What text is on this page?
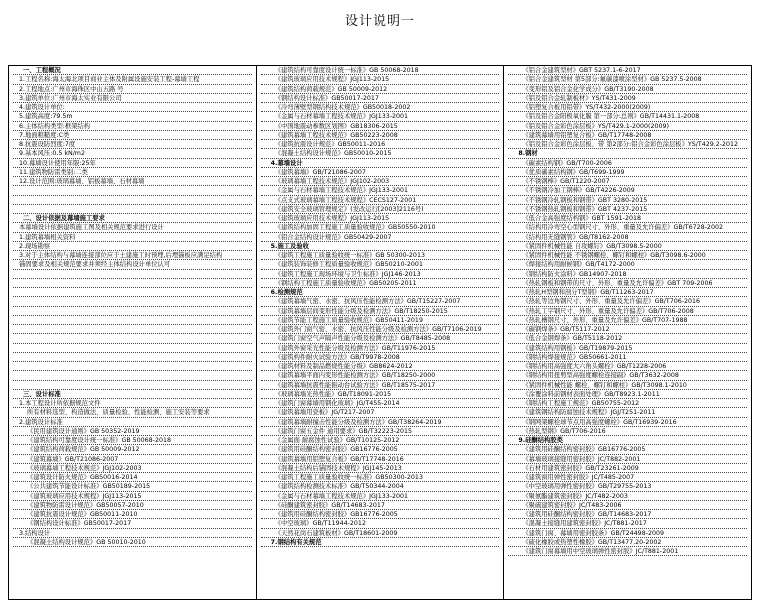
设计说明一
一、工程概况
1.工程名称:海太海北项目商业主体及附属设施安装工程-幕墙工程
2.工程地点:广州市海珠区中山五路 号
3.建筑单位:广州市海太实业有限公司
4.建筑设计单位:
5.建筑高度:79.5m
6.主体结构类型:框架结构
7.地面粗糙度:C类
8.抗震设防烈度:7度
9.基本风压:0.5 kN/m2
10.幕墙设计使用年限:25年
11.建筑物防雷类别:二类
12.设计范围:玻璃幕墙、铝板幕墙、石材幕墙
二、设计依据及幕墙施工要求
本幕墙设计依据建筑施工图及相关规范要求进行设计
1.建筑幕墙相关资料
2.现场勘察
3.对于主体结构与幕墙连接部位应于土建施工时预埋,后埋锚板应满足结构
锚固要求及相关规范要求并须经主体结构设计单位认可
三、设计标准
1.本工程设计所依据规范文件
所有材料选型、构造做法、质量检验、性能检测、施工安装等要求
2.建筑设计标准
《民用建筑设计通则》GB 50352-2019
《建筑结构可靠度设计统一标准》GB 50068-2018
《建筑结构荷载规范》GB 50009-2012
《建筑幕墙》GB/T21086-2007
《玻璃幕墙工程技术规范》JGJ102-2003
《建筑设计防火规范》GB50016-2014
《公共建筑节能设计标准》GB50189-2015
《建筑玻璃应用技术规程》JGJ113-2015
《建筑物防雷设计规范》GB50057-2010
《建筑抗震设计规范》GB50011-2010
《钢结构设计标准》GB50017-2017
3.结构设计
《混凝土结构设计规范》GB 50010-2010
《建筑结构可靠度设计统一标准》GB 50068-2018
《建筑玻璃应用技术规程》JGJ113-2015
《建筑结构荷载规范》GB 50009-2012
《钢结构设计标准》GB50017-2017
《冷弯薄壁型钢结构技术规范》GB50018-2002
《金属与石材幕墙工程技术规范》JGJ133-2001
《中国地震动参数区划图》GB18306-2015
《建筑幕墙工程技术规范》GB50223-2008
《建筑抗震设计规范》GB50011-2016
《混凝土结构设计规范》GB50010-2015
4.幕墙设计
《建筑幕墙》GB/T21086-2007
《玻璃幕墙工程技术规范》JGJ102-2003
《金属与石材幕墙工程技术规范》JGJ133-2001
《点支式玻璃幕墙工程技术规程》CECS127-2001
《建筑安全玻璃管理规定》(发改运行[2003]2116号)
《建筑玻璃应用技术规程》JGJ113-2015
《建筑结构加固工程施工质量验收规范》GB50550-2010
《铝合金结构设计规范》GB50429-2007
5.施工及验收
《建筑工程施工质量验收统一标准》GB 50300-2013
《建筑装饰装修工程质量验收规范》GB50210-2001
《建筑工程施工现场环境与卫生标准》JGJ146-2013
《钢结构工程施工质量验收规范》GB50205-2011
6.检测规范
《建筑幕墙气密、水密、抗风压性能检测方法》GB/T15227-2007
《建筑幕墙层间变形性能分级及检测方法》GB/T18250-2015
《建筑节能工程施工质量验收规范》GB50411-2019
《建筑外门窗气密、水密、抗风压性能分级及检测方法》GB/T7106-2019
《建筑门窗空气声隔声性能分级及检测方法》GB/T8485-2008
《建筑外窗采光性能分级及检测方法》GB/T11976-2015
《建筑构件耐火试验方法》GB/T9978-2008
《建筑材料及制品燃烧性能分级》GB8624-2012
《建筑幕墙平面内变形性能检测方法》GB/T18250-2000
《建筑幕墙抗震性能振动台试验方法》GB/T18575-2017
《玻璃幕墙光热性能》GB/T18091-2015
《建筑门窗幕墙用钢化玻璃》JG/T455-2014
《建筑幕墙用瓷板》JG/T217-2007
《建筑幕墙耐撞击性能分级及检测方法》GB/T38264-2019
《建筑门窗五金件 通用要求》GB/T32223-2015
《金属面 耐腐蚀性试验》GB/T10125-2012
《建筑用硅酮结构密封胶》GB16776-2005
《建筑幕墙用铝塑复合板》GB/T17748-2016
《混凝土结构后锚固技术规程》JGJ145-2013
《建筑工程施工质量验收统一标准》GB50300-2013
《建筑结构检测技术标准》GB/T50344-2004
《金属与石材幕墙工程技术规范》JGJ133-2001
《硅酮建筑密封胶》GB/T14683-2017
《建筑用硅酮结构密封胶》GB16776-2005
《中空玻璃》GB/T11944-2012
《天然花岗石建筑板材》GB/T18601-2009
7.钢结构有关规范
《铝合金建筑型材》GBT 5237.1-6-2017
《铝合金建筑型材 第5部分:氟碳漆喷涂型材》GB 5237.5-2008
《变形铝及铝合金化学成分》GB/T3190-2008
《铝及铝合金轧制板材》YS/T431-2009
《铝塑复合板用铝带》YS/T432-2000(2009)
《铝及铝合金阳极氧化膜 第一部分:总则》GB/T14431.1-2008
《铝及铝合金彩色涂层板》YS/T429.1-2000(2009)
《建筑幕墙用铝塑复合板》GB/T17748-2008
《铝及铝合金彩色涂层板、带 第2部分:铝合金彩色涂层板》YS/T429.2-2012
8.钢材
《碳素结构钢》GB/T700-2006
《优质碳素结构钢》GB/T699-1999
《不锈钢棒》GB/T1220-2007
《不锈钢冷加工钢棒》GB/T4226-2009
《不锈钢冷轧钢板和钢带》GBT 3280-2015
《不锈钢热轧钢板和钢带》GBT 4237-2015
《低合金高强度结构钢》GBT 1591-2018
《结构用冷弯空心型钢尺寸、外形、重量及允许偏差》GB/T6728-2002
《结构用无缝钢管》GB/T8162-2008
《紧固件机械性能 自攻螺钉》GB/T3098.5-2000
《紧固件机械性能 不锈钢螺栓、螺钉和螺柱》GB/T3098.6-2000
《焊接结构用耐候钢》GB/T4172-2000
《钢结构防火涂料》GB14907-2018
《热轧钢板和钢带的尺寸、外形、重量及允许偏差》GBT 709-2006
《热轧H型钢和剖分T型钢》GB/T11263-2017
《热轧等边角钢尺寸、外形、重量及允许偏差》GB/T706-2016
《热轧工字钢尺寸、外形、重量及允许偏差》GB/T706-2008
《热轧槽钢尺寸、外形、重量及允许偏差》GB/T707-1988
《碳钢焊条》GB/T5117-2012
《低合金钢焊条》GB/T5118-2012
《建筑结构用钢板》GB/T19879-2015
《钢结构焊接规范》GB50661-2011
《钢结构用高强度大六角头螺栓》GB/T1228-2006
《钢结构用扭剪型高强度螺栓连接副》GB/T3632-2008
《紧固件机械性能 螺栓、螺钉和螺柱》GB/T3098.1-2010
《涂覆涂料前钢材表面处理》GB/T8923.1-2011
《钢结构工程施工规范》GB50755-2012
《建筑钢结构防腐蚀技术规程》JGJ/T251-2011
《钢网架螺栓球节点用高强度螺栓》GB/T16939-2016
《热轧型钢》GB/T706-2016
9.硅酮结构胶类
《建筑用硅酮结构密封胶》GB16776-2005
《幕墙玻璃接缝用密封胶》JC/T882-2001
《石材用建筑密封胶》GB/T23261-2009
《建筑窗用弹性密封胶》JC/T485-2007
《中空玻璃用弹性密封胶》GB/T29755-2013
《聚氨酯建筑密封胶》JC/T482-2003
《聚硫建筑密封胶》JC/T483-2006
《建筑用硅酮结构密封胶》GB/T14683-2017
《混凝土接缝用建筑密封胶》JC/T881-2017
《建筑门窗、幕墙用密封胶条》GB/T24498-2009
《硫化橡胶或热塑性橡胶》GB/T13477.20-2002
《建筑门窗幕墙用中空玻璃弹性密封胶》JC/T881-2001
